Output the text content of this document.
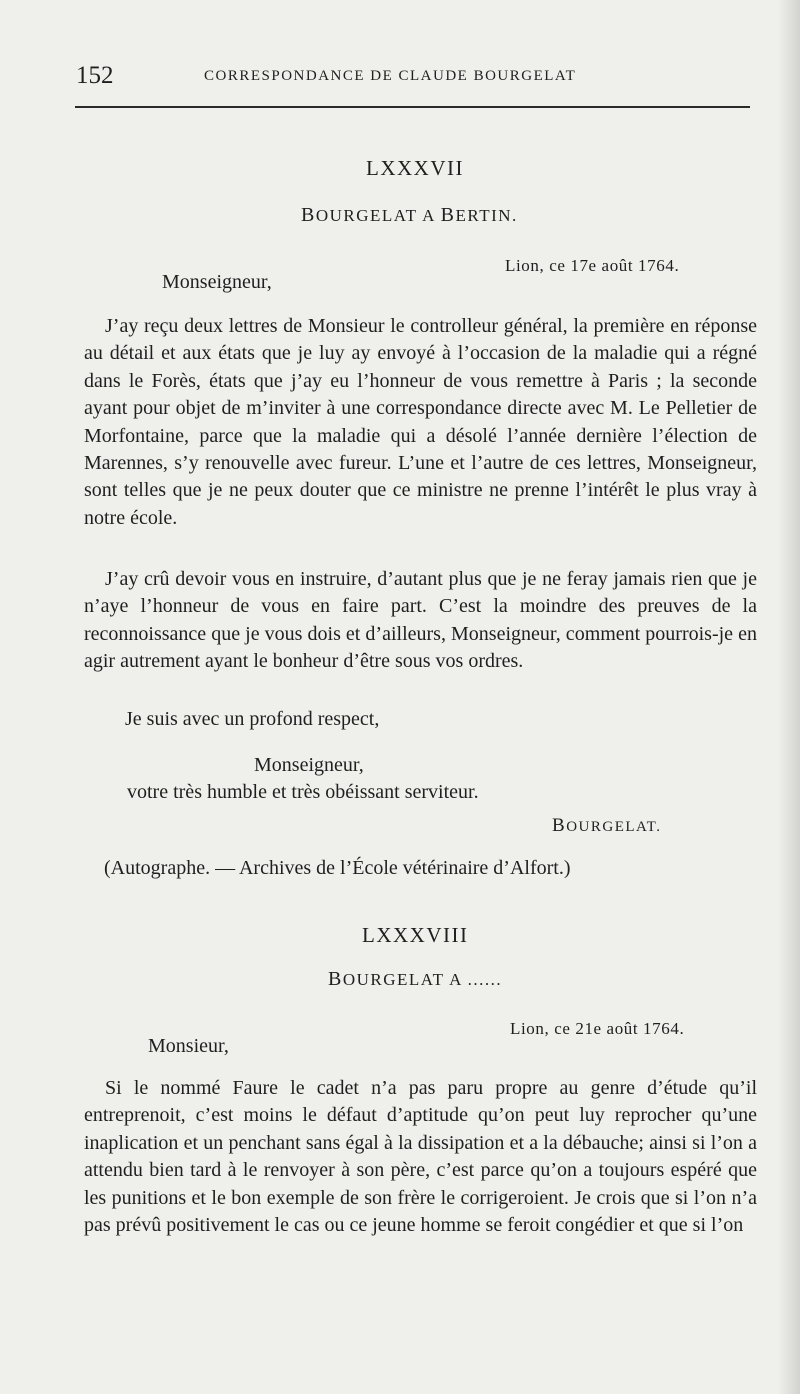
152	CORRESPONDANCE DE CLAUDE BOURGELAT
LXXXVII
BOURGELAT A BERTIN.
Lion, ce 17e août 1764.
Monseigneur,

J’ay reçu deux lettres de Monsieur le controlleur général, la première en réponse au détail et aux états que je luy ay envoyé à l’occasion de la maladie qui a régné dans le Forès, états que j’ay eu l’honneur de vous remettre à Paris ; la seconde ayant pour objet de m’inviter à une correspondance directe avec M. Le Pelletier de Morfontaine, parce que la maladie qui a désolé l’année dernière l’élection de Marennes, s’y renouvelle avec fureur. L’une et l’autre de ces lettres, Monseigneur, sont telles que je ne peux douter que ce ministre ne prenne l’intérêt le plus vray à notre école.

J’ay crû devoir vous en instruire, d’autant plus que je ne feray jamais rien que je n’aye l’honneur de vous en faire part. C’est la moindre des preuves de la reconnoissance que je vous dois et d’ailleurs, Monseigneur, comment pourrois-je en agir autrement ayant le bonheur d’être sous vos ordres.

Je suis avec un profond respect,
Monseigneur,
votre très humble et très obéissant serviteur.
BOURGELAT.
(Autographe. — Archives de l’École vétérinaire d’Alfort.)
LXXXVIII
BOURGELAT A ......
Lion, ce 21e août 1764.
Monsieur,

Si le nommé Faure le cadet n’a pas paru propre au genre d’étude qu’il entreprenoit, c’est moins le défaut d’aptitude qu’on peut luy reprocher qu’une inaplication et un penchant sans égal à la dissipation et a la débauche; ainsi si l’on a attendu bien tard à le renvoyer à son père, c’est parce qu’on a toujours espéré que les punitions et le bon exemple de son frère le corrigeroient. Je crois que si l’on n’a pas prévû positivement le cas ou ce jeune homme se feroit congédier et que si l’on
